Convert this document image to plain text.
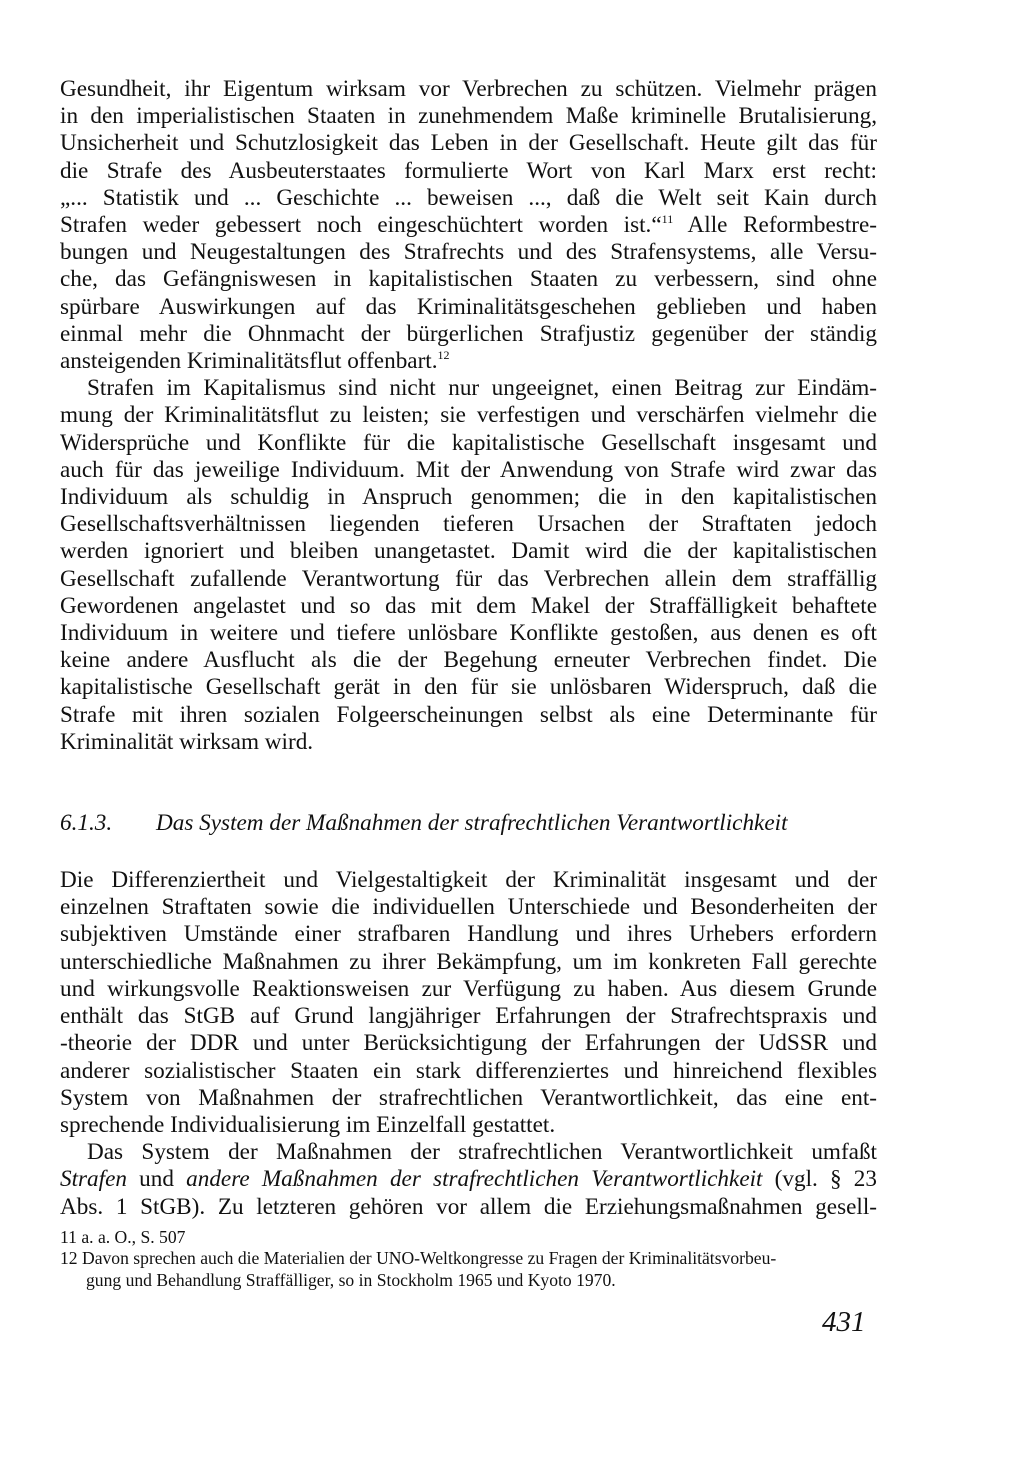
Gesundheit, ihr Eigentum wirksam vor Verbrechen zu schützen. Vielmehr prägen
in den imperialistischen Staaten in zunehmendem Maße kriminelle Brutalisierung,
Unsicherheit und Schutzlosigkeit das Leben in der Gesellschaft. Heute gilt das für
die Strafe des Ausbeuterstaates formulierte Wort von Karl Marx erst recht:
„... Statistik und ... Geschichte ... beweisen ..., daß die Welt seit Kain durch
Strafen weder gebessert noch eingeschüchtert worden ist.“$^{11}$ Alle Reformbestre-
bungen und Neugestaltungen des Strafrechts und des Strafensystems, alle Versu-
che, das Gefängniswesen in kapitalistischen Staaten zu verbessern, sind ohne
spürbare Auswirkungen auf das Kriminalitätsgeschehen geblieben und haben
einmal mehr die Ohnmacht der bürgerlichen Strafjustiz gegenüber der ständig
ansteigenden Kriminalitätsflut offenbart.$^{12}$
Strafen im Kapitalismus sind nicht nur ungeeignet, einen Beitrag zur Eindäm-
mung der Kriminalitätsflut zu leisten; sie verfestigen und verschärfen vielmehr die
Widersprüche und Konflikte für die kapitalistische Gesellschaft insgesamt und
auch für das jeweilige Individuum. Mit der Anwendung von Strafe wird zwar das
Individuum als schuldig in Anspruch genommen; die in den kapitalistischen
Gesellschaftsverhältnissen liegenden tieferen Ursachen der Straftaten jedoch
werden ignoriert und bleiben unangetastet. Damit wird die der kapitalistischen
Gesellschaft zufallende Verantwortung für das Verbrechen allein dem straffällig
Gewordenen angelastet und so das mit dem Makel der Straffälligkeit behaftete
Individuum in weitere und tiefere unlösbare Konflikte gestoßen, aus denen es oft
keine andere Ausflucht als die der Begehung erneuter Verbrechen findet. Die
kapitalistische Gesellschaft gerät in den für sie unlösbaren Widerspruch, daß die
Strafe mit ihren sozialen Folgeerscheinungen selbst als eine Determinante für
Kriminalität wirksam wird.
6.1.3. Das System der Maßnahmen der strafrechtlichen Verantwortlichkeit
Die Differenziertheit und Vielgestaltigkeit der Kriminalität insgesamt und der
einzelnen Straftaten sowie die individuellen Unterschiede und Besonderheiten der
subjektiven Umstände einer strafbaren Handlung und ihres Urhebers erfordern
unterschiedliche Maßnahmen zu ihrer Bekämpfung, um im konkreten Fall gerechte
und wirkungsvolle Reaktionsweisen zur Verfügung zu haben. Aus diesem Grunde
enthält das StGB auf Grund langjähriger Erfahrungen der Strafrechtspraxis und
-theorie der DDR und unter Berücksichtigung der Erfahrungen der UdSSR und
anderer sozialistischer Staaten ein stark differenziertes und hinreichend flexibles
System von Maßnahmen der strafrechtlichen Verantwortlichkeit, das eine ent-
sprechende Individualisierung im Einzelfall gestattet.
Das System der Maßnahmen der strafrechtlichen Verantwortlichkeit umfaßt
Strafen und andere Maßnahmen der strafrechtlichen Verantwortlichkeit (vgl. § 23
Abs. 1 StGB). Zu letzteren gehören vor allem die Erziehungsmaßnahmen gesell-
11 a. a. O., S. 507
12 Davon sprechen auch die Materialien der UNO-Weltkongresse zu Fragen der Kriminalitätsvorbeu-
gung und Behandlung Straffälliger, so in Stockholm 1965 und Kyoto 1970.
431
